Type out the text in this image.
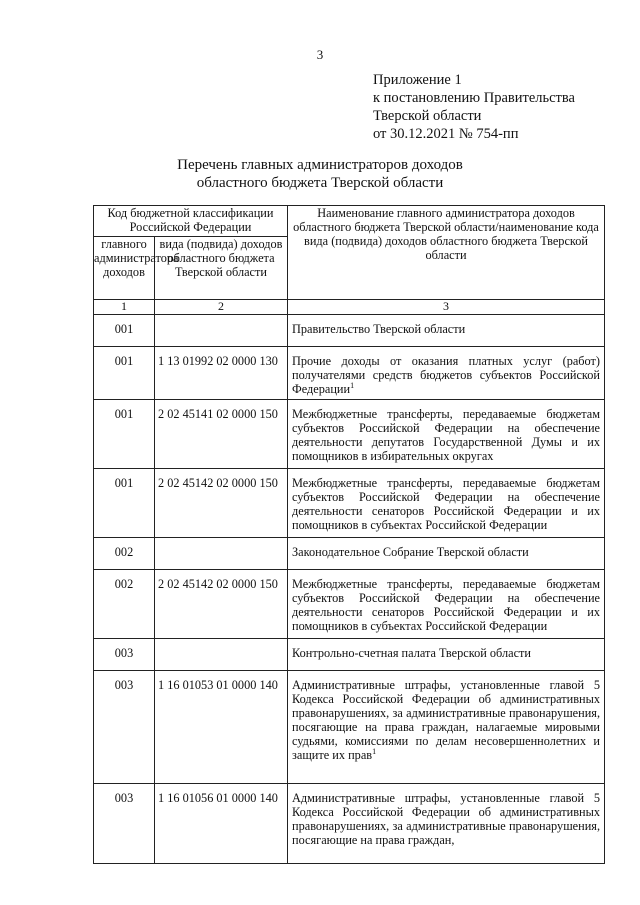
3
Приложение 1
к постановлению Правительства
Тверской области
от 30.12.2021 № 754-пп
Перечень главных администраторов доходов
областного бюджета Тверской области
Код бюджетной классификации Российской Федерации		Наименование главного администратора доходов областного бюджета Тверской области/наименование кода вида (подвида) доходов областного бюджета Тверской области
главного администратора доходов	вида (подвида) доходов областного бюджета Тверской области	
1	2	3
001		Правительство Тверской области
001	1 13 01992 02 0000 130	Прочие доходы от оказания платных услуг (работ) получателями средств бюджетов субъектов Российской Федерации$^1$
001	2 02 45141 02 0000 150	Межбюджетные трансферты, передаваемые бюджетам субъектов Российской Федерации на обеспечение деятельности депутатов Государственной Думы и их помощников в избирательных округах
001	2 02 45142 02 0000 150	Межбюджетные трансферты, передаваемые бюджетам субъектов Российской Федерации на обеспечение деятельности сенаторов Российской Федерации и их помощников в субъектах Российской Федерации
002		Законодательное Собрание Тверской области
002	2 02 45142 02 0000 150	Межбюджетные трансферты, передаваемые бюджетам субъектов Российской Федерации на обеспечение деятельности сенаторов Российской Федерации и их помощников в субъектах Российской Федерации
003		Контрольно-счетная палата Тверской области
003	1 16 01053 01 0000 140	Административные штрафы, установленные главой 5 Кодекса Российской Федерации об административных правонарушениях, за административные правонарушения, посягающие на права граждан, налагаемые мировыми судьями, комиссиями по делам несовершеннолетних и защите их прав$^1$
003	1 16 01056 01 0000 140	Административные штрафы, установленные главой 5 Кодекса Российской Федерации об административных правонарушениях, за административные правонарушения, посягающие на права граждан,
